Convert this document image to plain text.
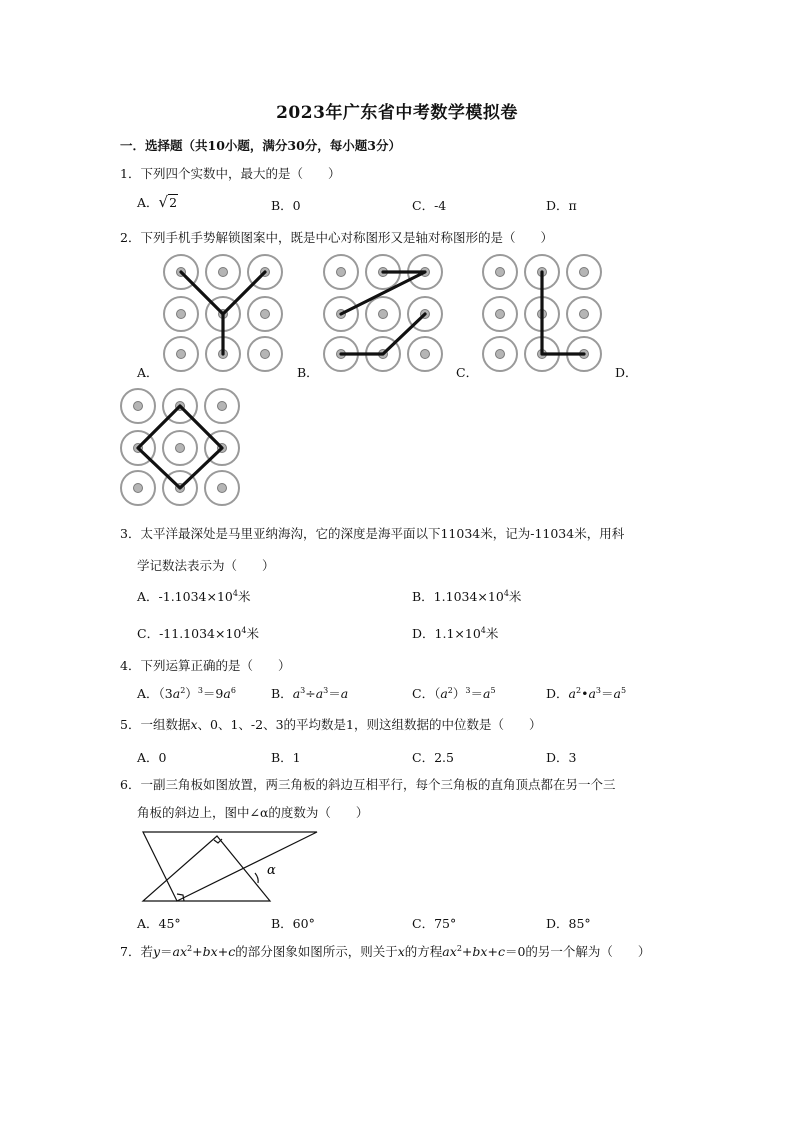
2023年广东省中考数学模拟卷
一．选择题（共10小题，满分30分，每小题3分）
1．下列四个实数中，最大的是（　　）
A．√2	B．0	C．-4	D．π
2．下列手机手势解锁图案中，既是中心对称图形又是轴对称图形的是（　　）
A．	B．	C．	D．
3．太平洋最深处是马里亚纳海沟，它的深度是海平面以下11034米，记为-11034米，用科
学记数法表示为（　　）
A．$-1.1034\times 10^4$米	B．$1.1034\times 10^4$米
C．$-11.1034\times 10^4$米	D．$1.1\times 10^4$米
4．下列运算正确的是（　　）
A．$(3a^2)^3=9a^6$	B．$a^3\div a^3=a$	C．$(a^2)^3=a^5$	D．$a^2•a^3=a^5$
5．一组数据x、0、1、-2、3的平均数是1，则这组数据的中位数是（　　）
A．0	B．1	C．2.5	D．3
6．一副三角板如图放置，两三角板的斜边互相平行，每个三角板的直角顶点都在另一个三
角板的斜边上，图中∠α的度数为（　　）
α
A．45°	B．60°	C．75°	D．85°
7．若$y=ax^2+bx+c$的部分图象如图所示，则关于x的方程$ax^2+bx+c=0$的另一个解为（　　）
